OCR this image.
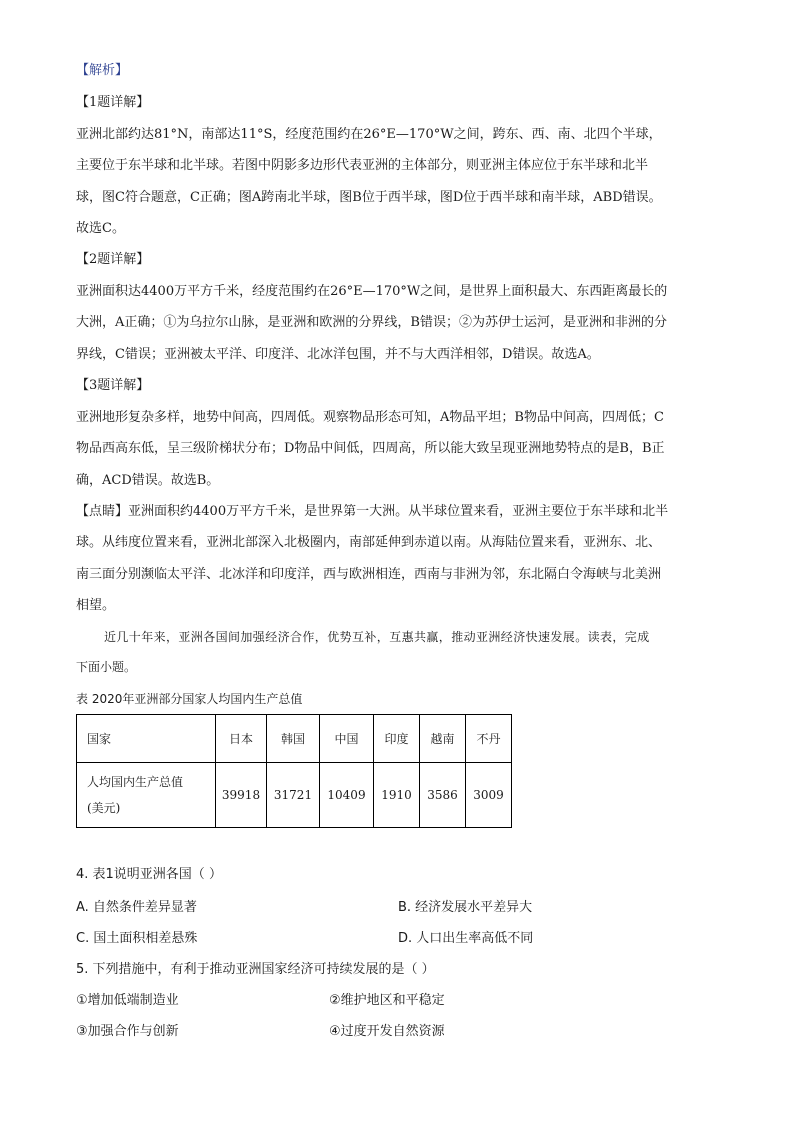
【解析】
【1题详解】
亚洲北部约达81°N，南部达11°S，经度范围约在26°E—170°W之间，跨东、西、南、北四个半球，
主要位于东半球和北半球。若图中阴影多边形代表亚洲的主体部分，则亚洲主体应位于东半球和北半
球，图C符合题意，C正确；图A跨南北半球，图B位于西半球，图D位于西半球和南半球，ABD错误。
故选C。
【2题详解】
亚洲面积达4400万平方千米，经度范围约在26°E—170°W之间，是世界上面积最大、东西距离最长的
大洲，A正确；①为乌拉尔山脉，是亚洲和欧洲的分界线，B错误；②为苏伊士运河，是亚洲和非洲的分
界线，C错误；亚洲被太平洋、印度洋、北冰洋包围，并不与大西洋相邻，D错误。故选A。
【3题详解】
亚洲地形复杂多样，地势中间高，四周低。观察物品形态可知，A物品平坦；B物品中间高，四周低；C
物品西高东低，呈三级阶梯状分布；D物品中间低，四周高，所以能大致呈现亚洲地势特点的是B，B正
确，ACD错误。故选B。
【点睛】亚洲面积约4400万平方千米，是世界第一大洲。从半球位置来看，亚洲主要位于东半球和北半
球。从纬度位置来看，亚洲北部深入北极圈内，南部延伸到赤道以南。从海陆位置来看，亚洲东、北、
南三面分别濒临太平洋、北冰洋和印度洋，西与欧洲相连，西南与非洲为邻，东北隔白令海峡与北美洲
相望。
近几十年来，亚洲各国间加强经济合作，优势互补，互惠共赢，推动亚洲经济快速发展。读表，完成
下面小题。
表 2020年亚洲部分国家人均国内生产总值
国家	日本	韩国	中国	印度	越南	不丹

人均国内生产总值
(美元)	39918	31721	10409	1910	3586	3009
4. 表1说明亚洲各国（ ）
A. 自然条件差异显著	B. 经济发展水平差异大
C. 国土面积相差悬殊	D. 人口出生率高低不同
5. 下列措施中，有利于推动亚洲国家经济可持续发展的是（ ）
①增加低端制造业	②维护地区和平稳定
③加强合作与创新	④过度开发自然资源
